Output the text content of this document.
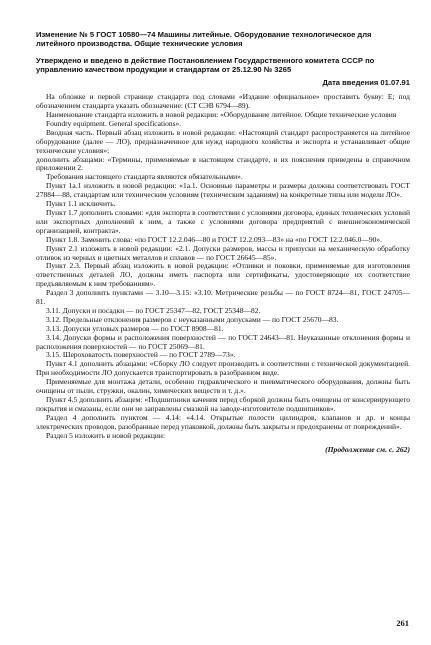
Изменение № 5 ГОСТ 10580—74 Машины литейные. Оборудование технологическое для литейного производства. Общие технические условия

Утверждено и введено в действие Постановлением Государственного комитета СССР по управлению качеством продукции и стандартам от 25.12.90 № 3265

Дата введения 01.07.91

На обложке и первой странице стандарта под словами «Издание официальное» проставить букву: Е; под обозначением стандарта указать обозначение: (СТ СЭВ 6794—89).

Наименование стандарта изложить в новой редакции: «Оборудование литейное. Общие технические условия

Foundry equipment. General specifications».

Вводная часть. Первый абзац изложить в новой редакции: «Настоящий стандарт распространяется на литейное оборудование (далее — ЛО), предназначенное для нужд народного хозяйства и экспорта и устанавливает общие технические условия»;

дополнить абзацами: «Термины, применяемые в настоящем стандарте, и их пояснения приведены в справочном приложении 2.

Требования настоящего стандарта являются обязательными».

Пункт 1а.1 изложить в новой редакции: «1а.1. Основные параметры и размеры должны соответствовать ГОСТ 27884—88, стандартам или техническим условиям (техническим заданиям) на конкретные типы или модели ЛО».

Пункт 1.1 исключить.

Пункт 1.7 дополнить словами: «для экспорта в соответствии с условиями договора, единых технических условий или экспортных дополнений к ним, а также с условиями договора предприятий с внешнеэкономической организацией, контракта».

Пункт 1.8. Заменить слова: «по ГОСТ 12.2.046—80 и ГОСТ 12.2.093—83» на «по ГОСТ 12.2.046.0—90».

Пункт 2.1 изложить в новой редакции: «2.1. Допуски размеров, массы и припуски на механическую обработку отливок из черных и цветных металлов и сплавов — по ГОСТ 26645—85».

Пункт 2.3. Первый абзац изложить в новой редакции: «Отливки и поковки, применяемые для изготовления ответственных деталей ЛО, должны иметь паспорта или сертификаты, удостоверяющие их соответствие предъявляемым к ним требованиям».

Раздел 3 дополнить пунктами — 3.10—3.15: «3.10. Метрические резьбы — по ГОСТ 8724—81, ГОСТ 24705—81.

3.11. Допуски и посадки — по ГОСТ 25347—82, ГОСТ 25348—82.

3.12. Предельные отклонения размеров с неуказанными допусками — по ГОСТ 25670—83.

3.13. Допуски угловых размеров — по ГОСТ 8908—81.

3.14. Допуски формы и расположения поверхностей — по ГОСТ 24643—81. Неуказанные отклонения формы и расположения поверхностей — по ГОСТ 25069—81.

3.15. Шероховатость поверхностей — по ГОСТ 2789—73».

Пункт 4.1 дополнить абзацами: «Сборку ЛО следует производить в соответствии с технической документацией. При необходимости ЛО допускается транспортировать в разобранном виде.

Применяемые для монтажа детали, особенно гидравлического и пневматического оборудования, должны быть очищены от пыли, стружки, окалин, химических веществ и т. д.».

Пункт 4.5 дополнить абзацем: «Подшипники качения перед сборкой должны быть очищены от консервирующего покрытия и смазаны, если они не заправлены смазкой на заводе-изготовителе подшипников».

Раздел 4 дополнить пунктом — 4.14: «4.14. Открытые полости цилиндров, клапанов и др. и концы электрических проводов, разобранные перед упаковкой, должны быть закрыты и предохранены от повреждений».

Раздел 5 изложить в новой редакции:

(Продолжение см. с. 262)
261
